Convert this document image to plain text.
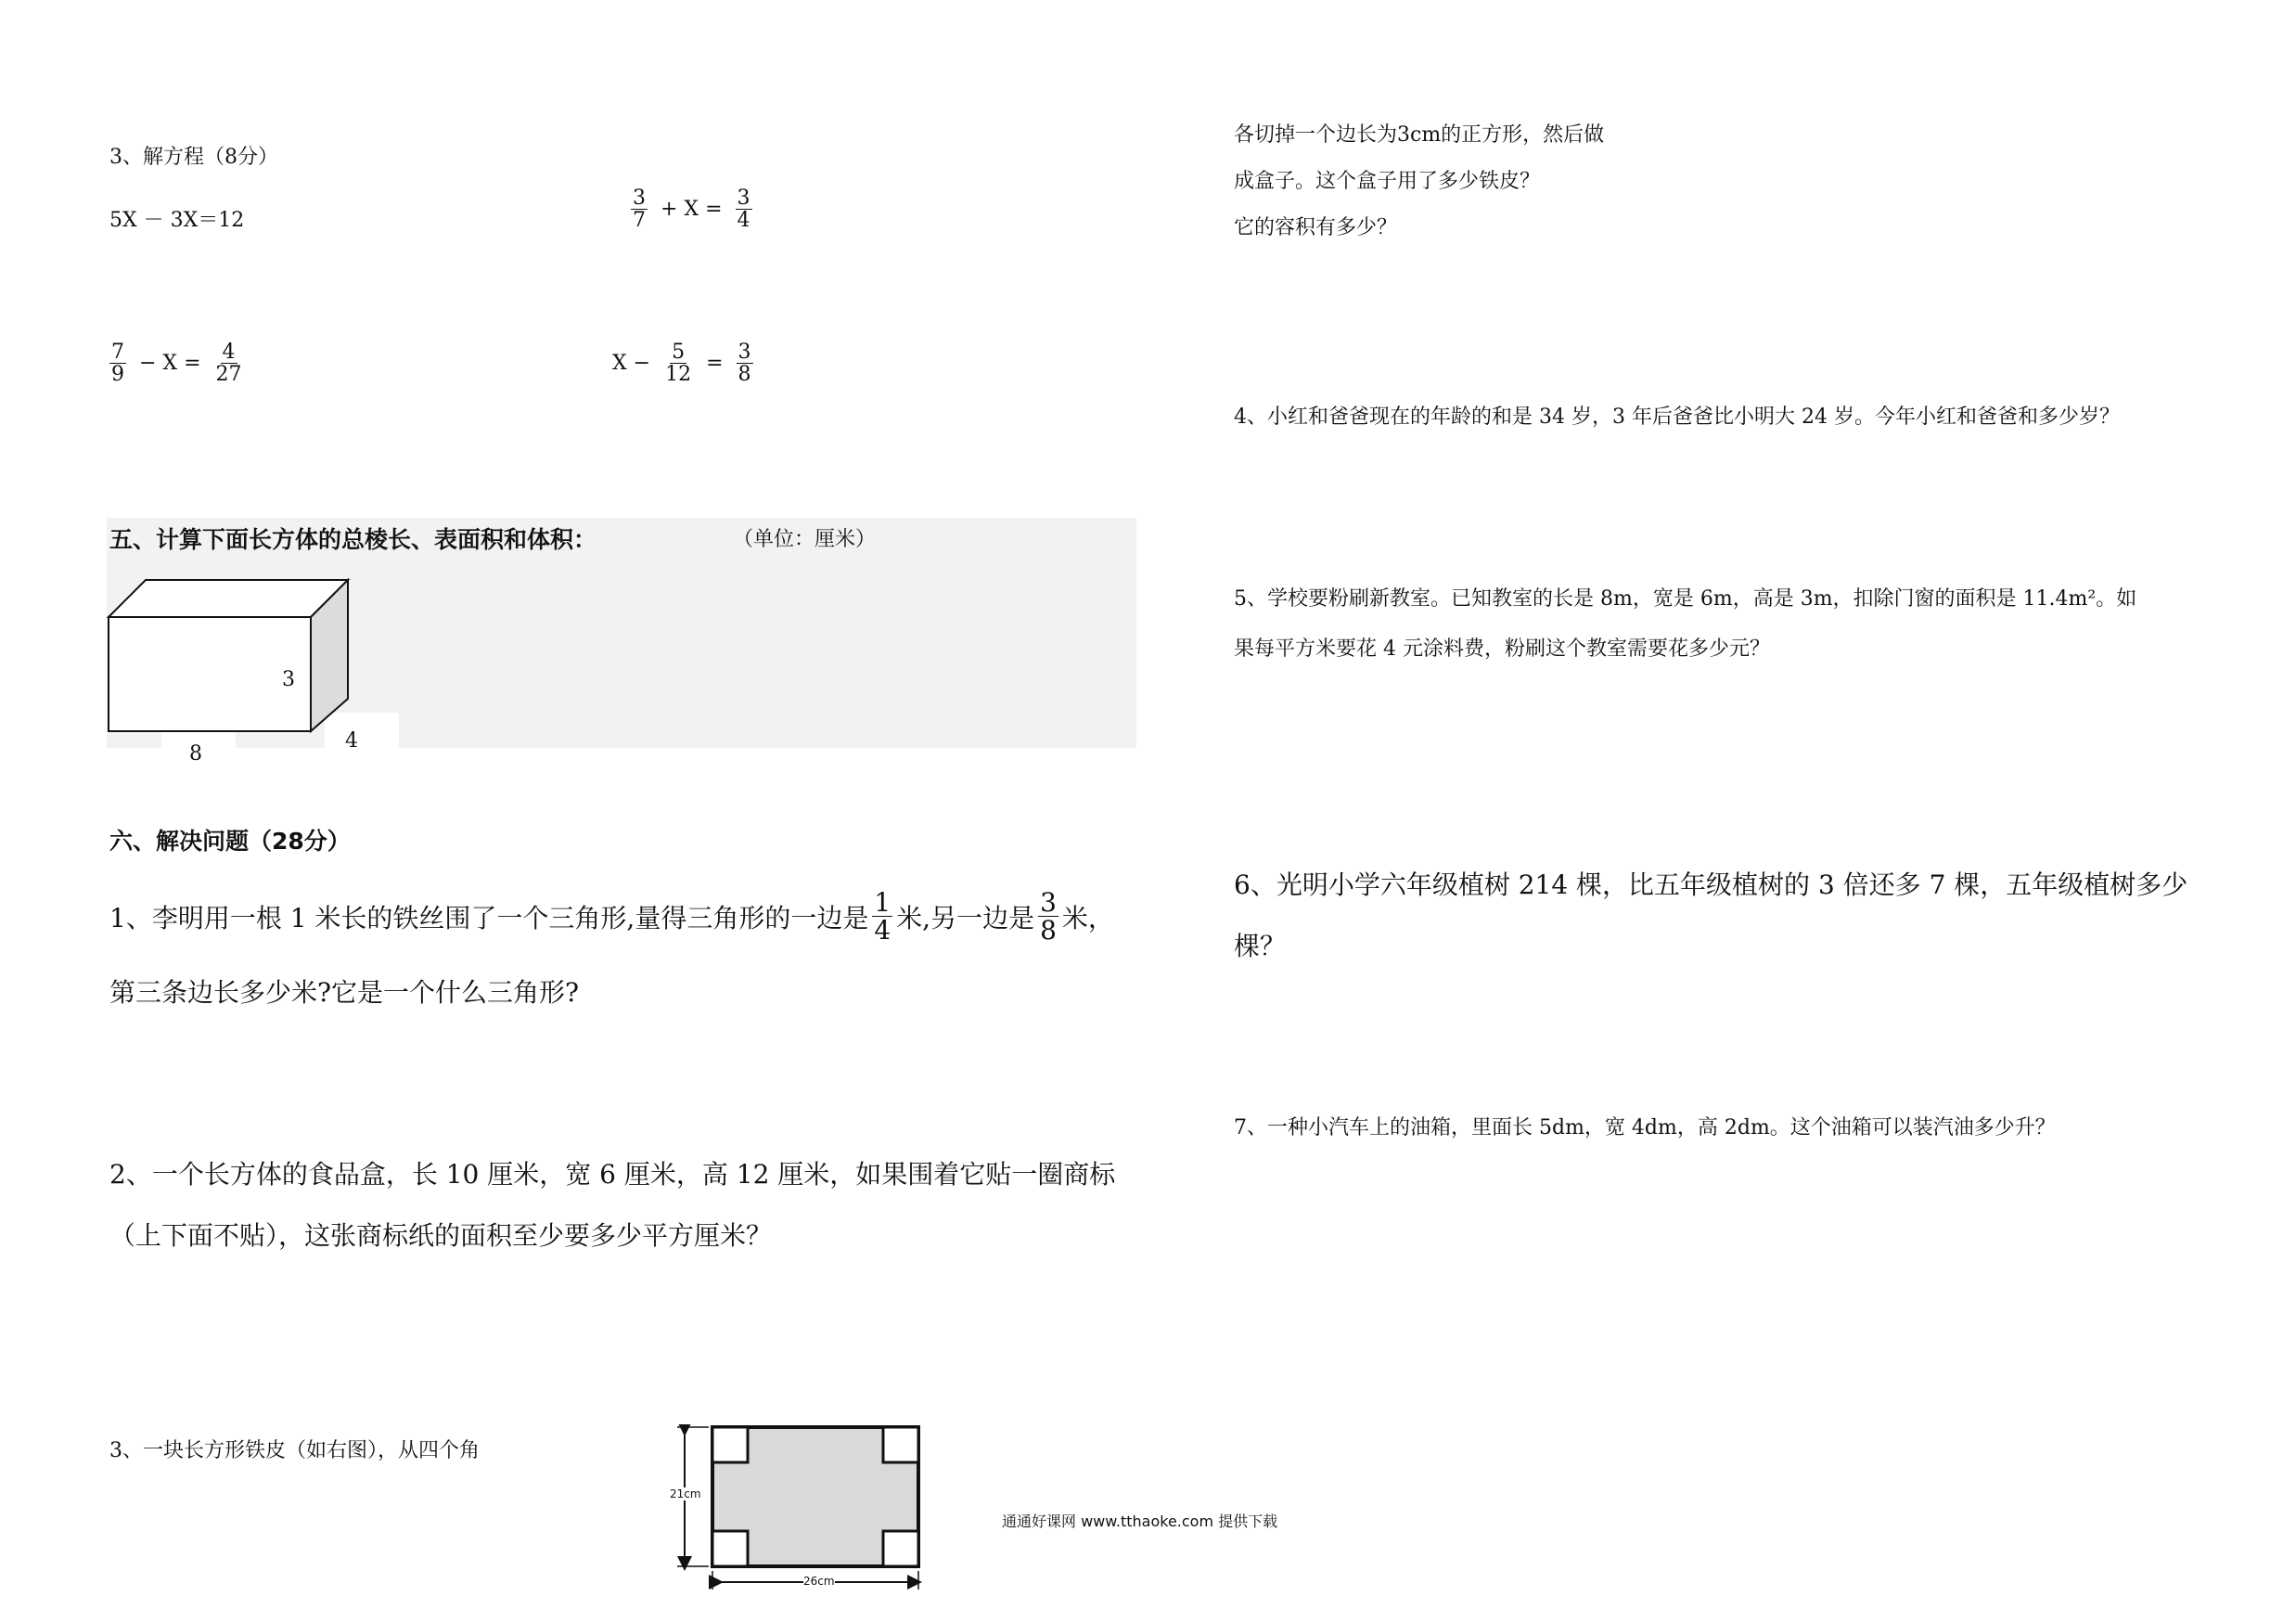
3、解方程（8分）
5X － 3X＝12	$\frac{3}{7} + X = \frac{3}{4}$
$\frac{7}{9} - X = \frac{4}{27}$	$X - \frac{5}{12} = \frac{3}{8}$
五、计算下面长方体的总棱长、表面积和体积：	（单位：厘米）
3
8
4
六、解决问题（28分）
1、李明用一根 1 米长的铁丝围了一个三角形,量得三角形的一边是 $\frac{1}{4}$ 米,另一边是 $\frac{3}{8}$ 米，
第三条边长多少米?它是一个什么三角形?
2、一个长方体的食品盒，长 10 厘米，宽 6 厘米，高 12 厘米，如果围着它贴一圈商标
（上下面不贴），这张商标纸的面积至少要多少平方厘米？
3、一块长方形铁皮（如右图），从四个角
21cm
26cm
通通好课网 www.tthaoke.com 提供下载
各切掉一个边长为3cm的正方形，然后做
成盒子。这个盒子用了多少铁皮？
它的容积有多少？
4、小红和爸爸现在的年龄的和是 34 岁，3 年后爸爸比小明大 24 岁。今年小红和爸爸和多少岁？
5、学校要粉刷新教室。已知教室的长是 8m，宽是 6m，高是 3m，扣除门窗的面积是 11.4m²。如
果每平方米要花 4 元涂料费，粉刷这个教室需要花多少元？
6、光明小学六年级植树 214 棵，比五年级植树的 3 倍还多 7 棵，五年级植树多少
棵？
7、一种小汽车上的油箱，里面长 5dm，宽 4dm，高 2dm。这个油箱可以装汽油多少升？
